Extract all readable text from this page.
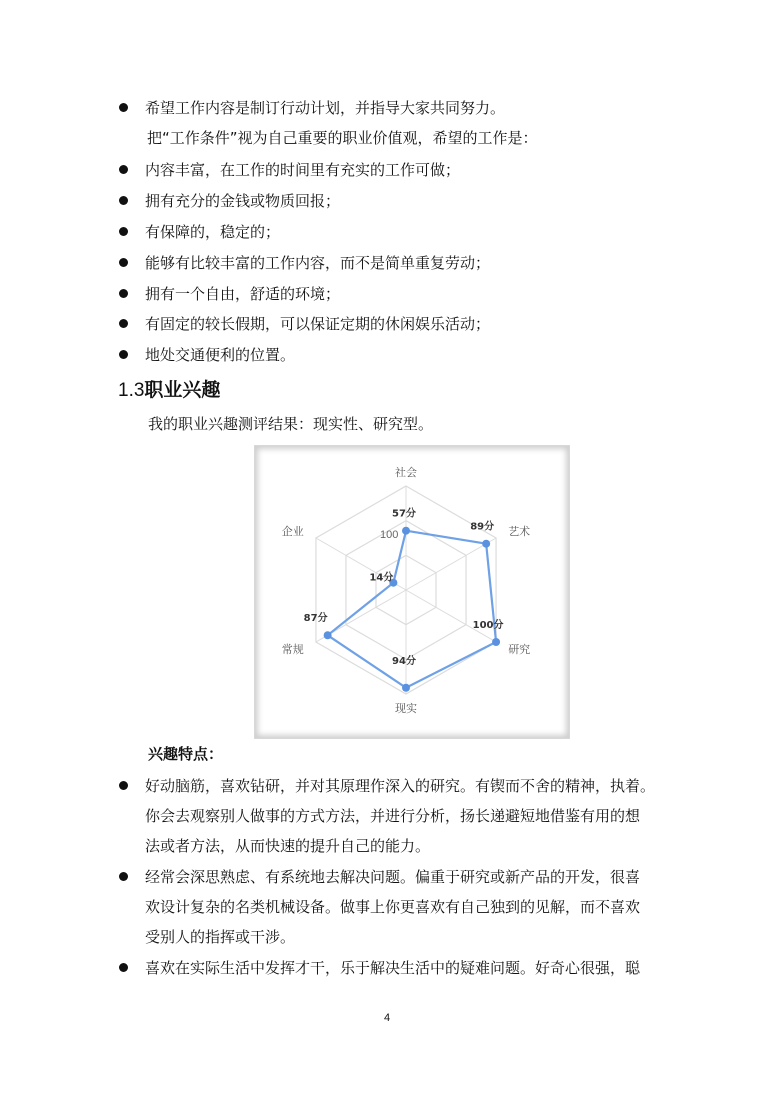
希望工作内容是制订行动计划，并指导大家共同努力。
把“工作条件”视为自己重要的职业价值观，希望的工作是：
内容丰富，在工作的时间里有充实的工作可做；
拥有充分的金钱或物质回报；
有保障的，稳定的；
能够有比较丰富的工作内容，而不是简单重复劳动；
拥有一个自由，舒适的环境；
有固定的较长假期，可以保证定期的休闲娱乐活动；
地处交通便利的位置。
1.3职业兴趣
我的职业兴趣测评结果：现实性、研究型。
社会
艺术
研究
现实
常规
企业	100
57分
89分
100分
94分
87分
14分
兴趣特点：
好动脑筋，喜欢钻研，并对其原理作深入的研究。有锲而不舍的精神，执着。
你会去观察别人做事的方式方法，并进行分析，扬长递避短地借鉴有用的想
法或者方法，从而快速的提升自己的能力。
经常会深思熟虑、有系统地去解决问题。偏重于研究或新产品的开发，很喜
欢设计复杂的名类机械设备。做事上你更喜欢有自己独到的见解，而不喜欢
受别人的指挥或干涉。
喜欢在实际生活中发挥才干，乐于解决生活中的疑难问题。好奇心很强，聪
4
